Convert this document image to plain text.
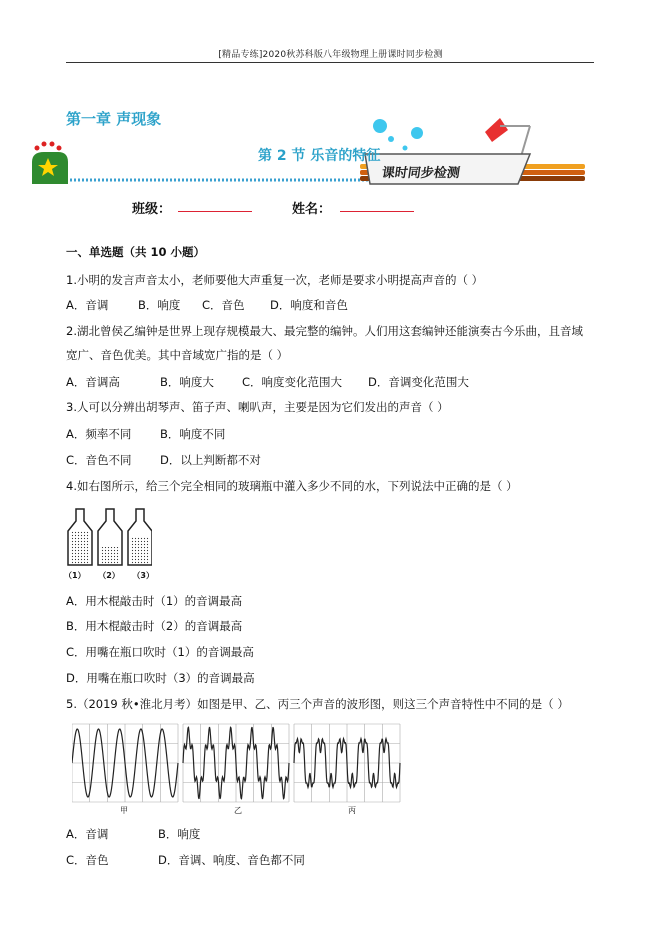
[精品专练]2020秋苏科版八年级物理上册课时同步检测
第一章 声现象
第 2 节 乐音的特征
课时同步检测
班级：	姓名：
一、单选题（共 10 小题）
1.小明的发言声音太小，老师要他大声重复一次，老师是要求小明提高声音的（ ）
A．音调	B．响度 C．音色 D．响度和音色
2.湖北曾侯乙编钟是世界上现存规模最大、最完整的编钟。人们用这套编钟还能演奏古今乐曲，且音域
宽广、音色优美。其中音域宽广指的是（ ）
A．音调高	B．响度大 C．响度变化范围大 D．音调变化范围大
3.人可以分辨出胡琴声、笛子声、喇叭声，主要是因为它们发出的声音（ ）
A．频率不同 B．响度不同
C．音色不同 D．以上判断都不对
4.如右图所示，给三个完全相同的玻璃瓶中灌入多少不同的水，下列说法中正确的是（ ）
（1） （2） （3）
A．用木棍敲击时（1）的音调最高
B．用木棍敲击时（2）的音调最高
C．用嘴在瓶口吹时（1）的音调最高
D．用嘴在瓶口吹时（3）的音调最高
5.（2019 秋•淮北月考）如图是甲、乙、丙三个声音的波形图，则这三个声音特性中不同的是（ ）
甲	乙	丙
A．音调	B．响度
C．音色	D．音调、响度、音色都不同
